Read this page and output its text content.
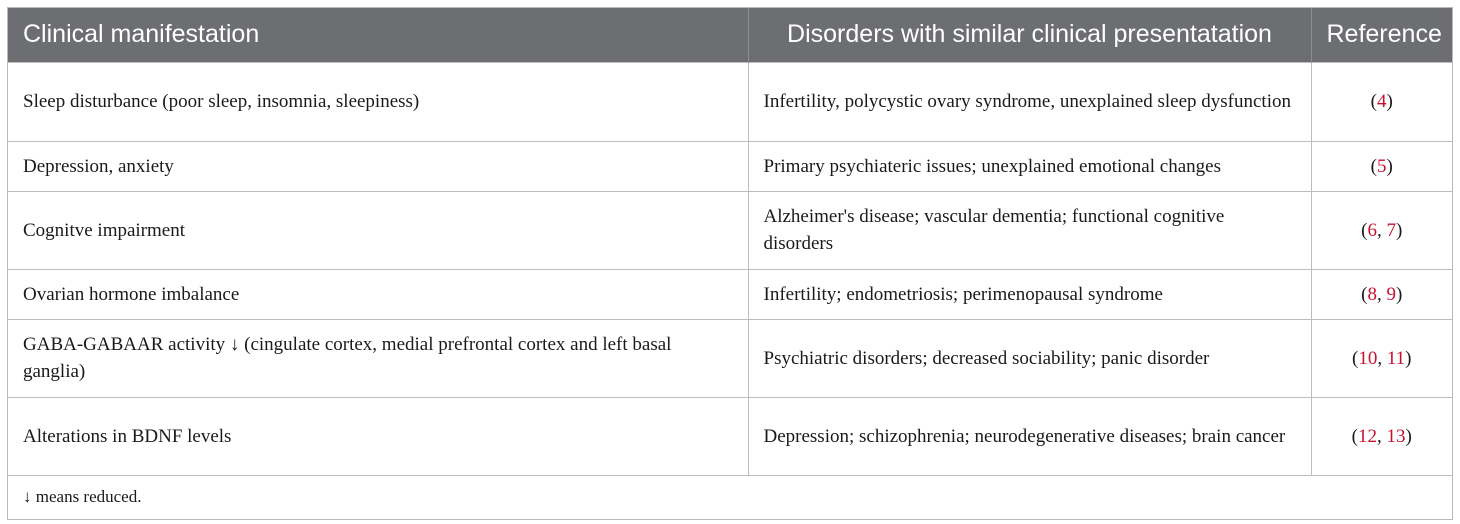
Clinical manifestation	Disorders with similar clinical presentatation	Reference
Sleep disturbance (poor sleep, insomnia, sleepiness)	Infertility, polycystic ovary syndrome, unexplained sleep dysfunction	(4)
Depression, anxiety	Primary psychiateric issues; unexplained emotional changes	(5)
Cognitve impairment	Alzheimer's disease; vascular dementia; functional cognitive disorders	(6, 7)
Ovarian hormone imbalance	Infertility; endometriosis; perimenopausal syndrome	(8, 9)
GABA-GABAAR activity ↓ (cingulate cortex, medial prefrontal cortex and left basal ganglia)	Psychiatric disorders; decreased sociability; panic disorder	(10, 11)
Alterations in BDNF levels	Depression; schizophrenia; neurodegenerative diseases; brain cancer	(12, 13)
↓ means reduced.		
